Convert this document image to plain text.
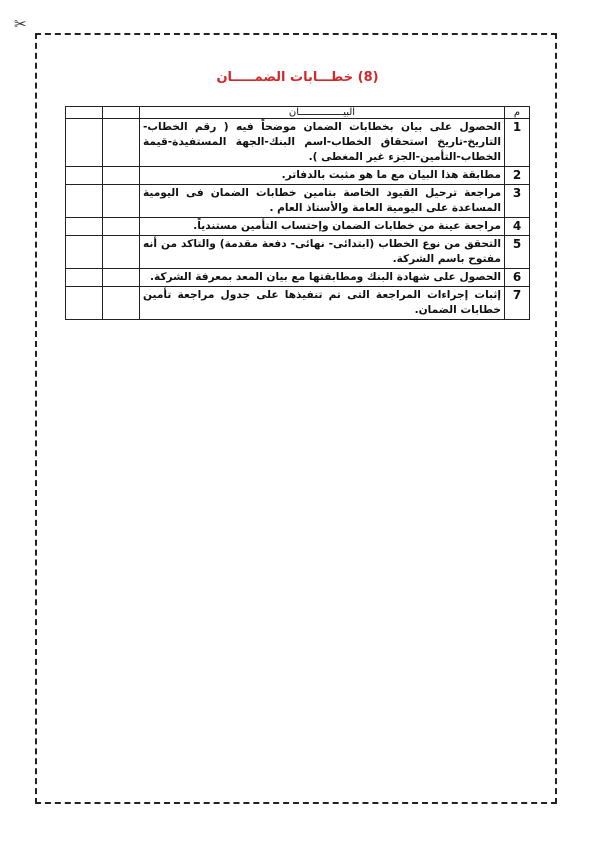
✂
(8) خطـــابات الضمـــــان
م	البيـــــــــــــــان		
1	الحصول على بيان بخطابات الضمان موضحاً فيه ( رقم الخطاب-التاريخ-تاريخ استحقاق الخطاب-اسم البنك-الجهة المستفيدة-قيمة الخطاب-التأمين-الجزء غير المغطى ).		
2	مطابقة هذا البيان مع ما هو مثبت بالدفاتر.		
3	مراجعة ترحيل القيود الخاصة بتامين خطابات الضمان فى اليومية المساعدة على اليومية العامة والأستاذ العام .		
4	مراجعة عينة من خطابات الضمان وإحتساب التأمين مستندياً.		
5	التحقق من نوع الخطاب (ابتدائى- نهائى- دفعة مقدمة) والتاكد من أنه مفتوح باسم الشركة.		
6	الحصول على شهادة البنك ومطابقتها مع بيان المعد بمعرفة الشركة.		
7	إثبات إجراءات المراجعة التى تم تنفيذها على جدول مراجعة تأمين خطابات الضمان.		
